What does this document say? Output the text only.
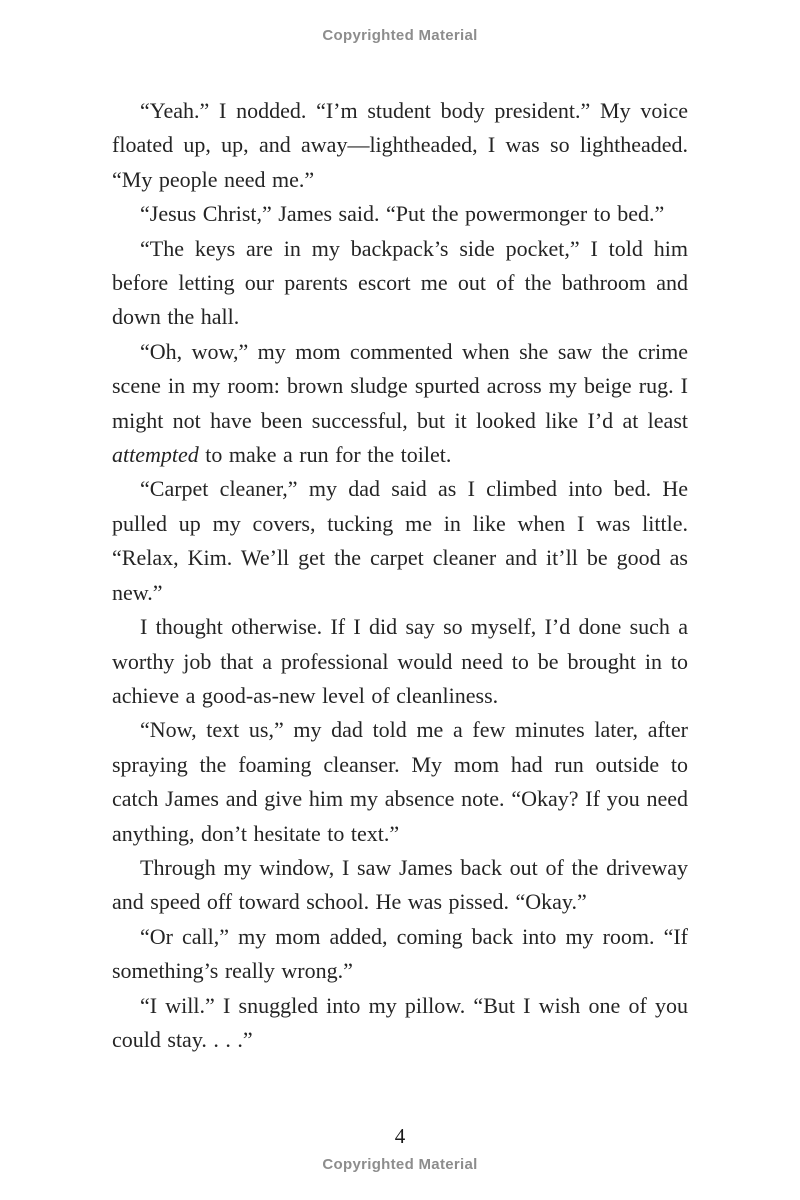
Copyrighted Material

“Yeah.” I nodded. “I’m student body president.” My voice floated up, up, and away—lightheaded, I was so lightheaded. “My people need me.”

“Jesus Christ,” James said. “Put the powermonger to bed.”

“The keys are in my backpack’s side pocket,” I told him before letting our parents escort me out of the bathroom and down the hall.

“Oh, wow,” my mom commented when she saw the crime scene in my room: brown sludge spurted across my beige rug. I might not have been successful, but it looked like I’d at least attempted to make a run for the toilet.

“Carpet cleaner,” my dad said as I climbed into bed. He pulled up my covers, tucking me in like when I was little. “Relax, Kim. We’ll get the carpet cleaner and it’ll be good as new.”

I thought otherwise. If I did say so myself, I’d done such a worthy job that a professional would need to be brought in to achieve a good-as-new level of cleanliness.

“Now, text us,” my dad told me a few minutes later, after spraying the foaming cleanser. My mom had run outside to catch James and give him my absence note. “Okay? If you need anything, don’t hesitate to text.”

Through my window, I saw James back out of the driveway and speed off toward school. He was pissed. “Okay.”

“Or call,” my mom added, coming back into my room. “If something’s really wrong.”

“I will.” I snuggled into my pillow. “But I wish one of you could stay. . . .”

4
Copyrighted Material
